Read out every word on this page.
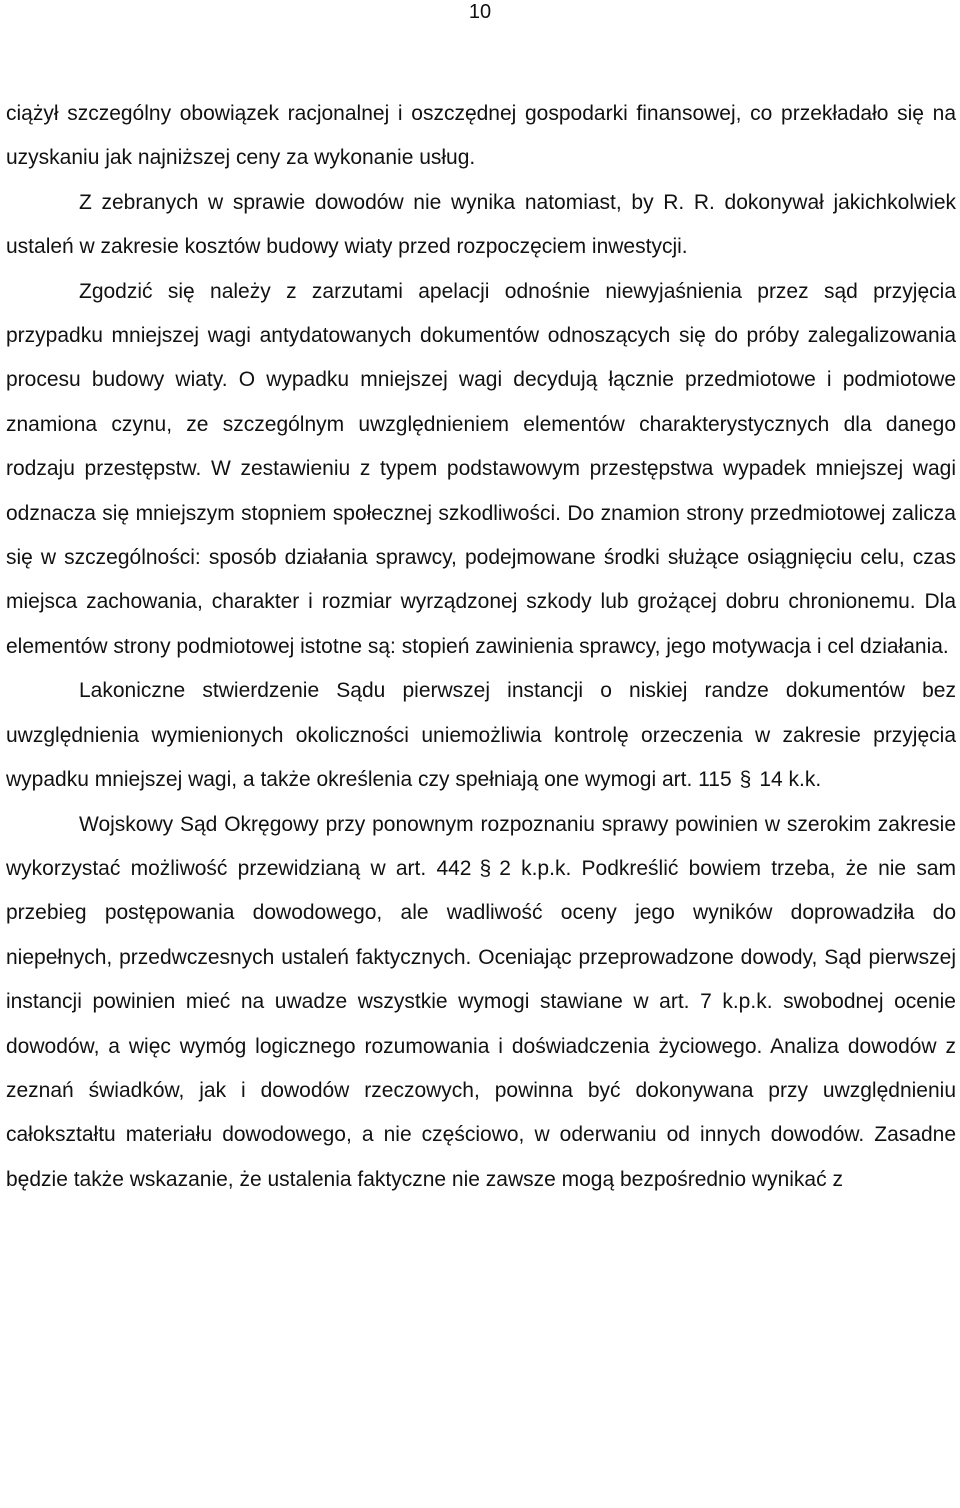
10

ciążył szczególny obowiązek racjonalnej i oszczędnej gospodarki finansowej, co przekładało się na uzyskaniu jak najniższej ceny za wykonanie usług.

Z zebranych w sprawie dowodów nie wynika natomiast, by R. R. dokonywał jakichkolwiek ustaleń w zakresie kosztów budowy wiaty przed rozpoczęciem inwestycji.

Zgodzić się należy z zarzutami apelacji odnośnie niewyjaśnienia przez sąd przyjęcia przypadku mniejszej wagi antydatowanych dokumentów odnoszących się do próby zalegalizowania procesu budowy wiaty. O wypadku mniejszej wagi decydują łącznie przedmiotowe i podmiotowe znamiona czynu, ze szczególnym uwzględnieniem elementów charakterystycznych dla danego rodzaju przestępstw. W zestawieniu z typem podstawowym przestępstwa wypadek mniejszej wagi odznacza się mniejszym stopniem społecznej szkodliwości. Do znamion strony przedmiotowej zalicza się w szczególności: sposób działania sprawcy, podejmowane środki służące osiągnięciu celu, czas miejsca zachowania, charakter i rozmiar wyrządzonej szkody lub grożącej dobru chronionemu. Dla elementów strony podmiotowej istotne są: stopień zawinienia sprawcy, jego motywacja i cel działania.

Lakoniczne stwierdzenie Sądu pierwszej instancji o niskiej randze dokumentów bez uwzględnienia wymienionych okoliczności uniemożliwia kontrolę orzeczenia w zakresie przyjęcia wypadku mniejszej wagi, a także określenia czy spełniają one wymogi art. 115 § 14 k.k.

Wojskowy Sąd Okręgowy przy ponownym rozpoznaniu sprawy powinien w szerokim zakresie wykorzystać możliwość przewidzianą w art. 442 § 2 k.p.k. Podkreślić bowiem trzeba, że nie sam przebieg postępowania dowodowego, ale wadliwość oceny jego wyników doprowadziła do niepełnych, przedwczesnych ustaleń faktycznych. Oceniając przeprowadzone dowody, Sąd pierwszej instancji powinien mieć na uwadze wszystkie wymogi stawiane w art. 7 k.p.k. swobodnej ocenie dowodów, a więc wymóg logicznego rozumowania i doświadczenia życiowego. Analiza dowodów z zeznań świadków, jak i dowodów rzeczowych, powinna być dokonywana przy uwzględnieniu całokształtu materiału dowodowego, a nie częściowo, w oderwaniu od innych dowodów. Zasadne będzie także wskazanie, że ustalenia faktyczne nie zawsze mogą bezpośrednio wynikać z
